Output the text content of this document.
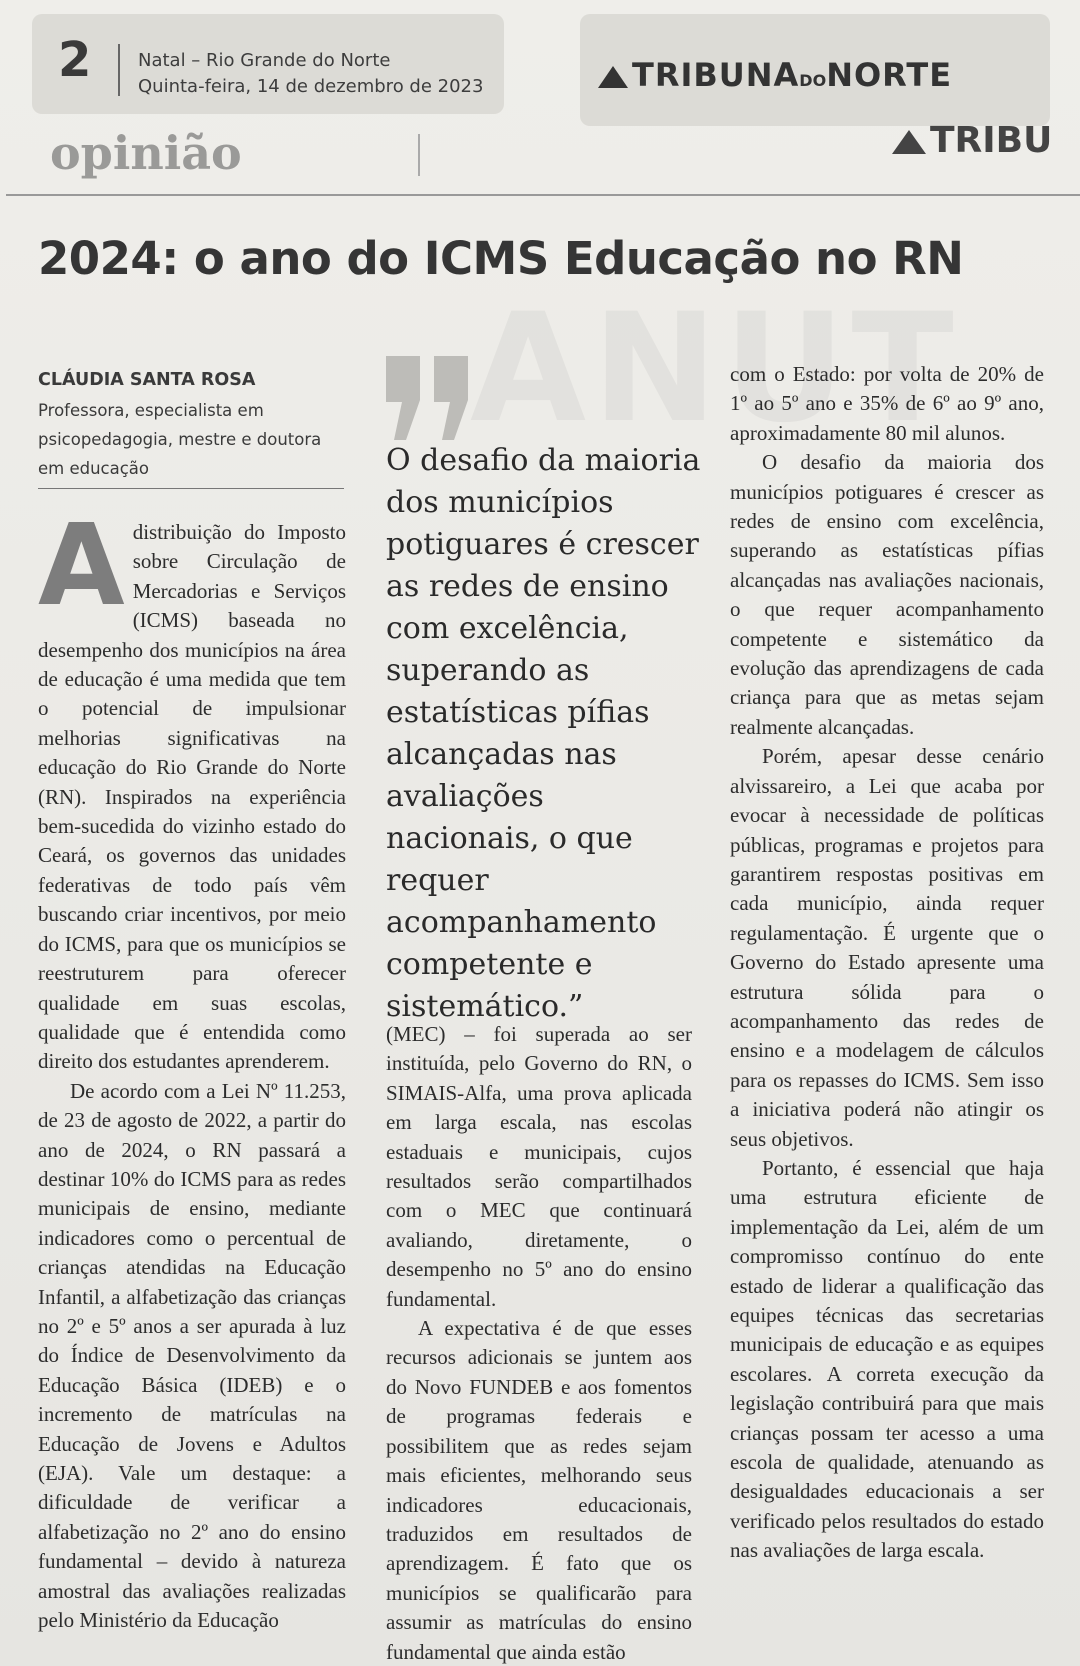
2	Natal – Rio Grande do Norte
Quinta-feira, 14 de dezembro de 2023	TRIBUNADONORTE
opinião	TRIBU
2024: o ano do ICMS Educação no RN
CLÁUDIA SANTA ROSA
Professora, especialista em psicopedagogia, mestre e doutora em educação

Adistribuição do Imposto sobre Circulação de Mercadorias e Serviços (ICMS) baseada no desempenho dos municípios na área de educação é uma medida que tem o potencial de impulsionar melhorias significativas na educação do Rio Grande do Norte (RN). Inspirados na experiência bem-sucedida do vizinho estado do Ceará, os governos das unidades federativas de todo país vêm buscando criar incentivos, por meio do ICMS, para que os municípios se reestruturem para oferecer qualidade em suas escolas, qualidade que é entendida como direito dos estudantes aprenderem.

De acordo com a Lei Nº 11.253, de 23 de agosto de 2022, a partir do ano de 2024, o RN passará a destinar 10% do ICMS para as redes municipais de ensino, mediante indicadores como o percentual de crianças atendidas na Educação Infantil, a alfabetização das crianças no 2º e 5º anos a ser apurada à luz do Índice de Desenvolvimento da Educação Básica (IDEB) e o incremento de matrículas na Educação de Jovens e Adultos (EJA). Vale um destaque: a dificuldade de verificar a alfabetização no 2º ano do ensino fundamental – devido à natureza amostral das avaliações realizadas pelo Ministério da Educação

O desafio da maioria dos municípios potiguares é crescer as redes de ensino com excelência, superando as estatísticas pífias alcançadas nas avaliações nacionais, o que requer acompanhamento competente e sistemático.”

(MEC) – foi superada ao ser instituída, pelo Governo do RN, o SIMAIS-Alfa, uma prova aplicada em larga escala, nas escolas estaduais e municipais, cujos resultados serão compartilhados com o MEC que continuará avaliando, diretamente, o desempenho no 5º ano do ensino fundamental.

A expectativa é de que esses recursos adicionais se juntem aos do Novo FUNDEB e aos fomentos de programas federais e possibilitem que as redes sejam mais eficientes, melhorando seus indicadores educacionais, traduzidos em resultados de aprendizagem. É fato que os municípios se qualificarão para assumir as matrículas do ensino fundamental que ainda estão

com o Estado: por volta de 20% de 1º ao 5º ano e 35% de 6º ao 9º ano, aproximadamente 80 mil alunos.

O desafio da maioria dos municípios potiguares é crescer as redes de ensino com excelência, superando as estatísticas pífias alcançadas nas avaliações nacionais, o que requer acompanhamento competente e sistemático da evolução das aprendizagens de cada criança para que as metas sejam realmente alcançadas.

Porém, apesar desse cenário alvissareiro, a Lei que acaba por evocar à necessidade de políticas públicas, programas e projetos para garantirem respostas positivas em cada município, ainda requer regulamentação. É urgente que o Governo do Estado apresente uma estrutura sólida para o acompanhamento das redes de ensino e a modelagem de cálculos para os repasses do ICMS. Sem isso a iniciativa poderá não atingir os seus objetivos.

Portanto, é essencial que haja uma estrutura eficiente de implementação da Lei, além de um compromisso contínuo do ente estado de liderar a qualificação das equipes técnicas das secretarias municipais de educação e as equipes escolares. A correta execução da legislação contribuirá para que mais crianças possam ter acesso a uma escola de qualidade, atenuando as desigualdades educacionais a ser verificado pelos resultados do estado nas avaliações de larga escala.
